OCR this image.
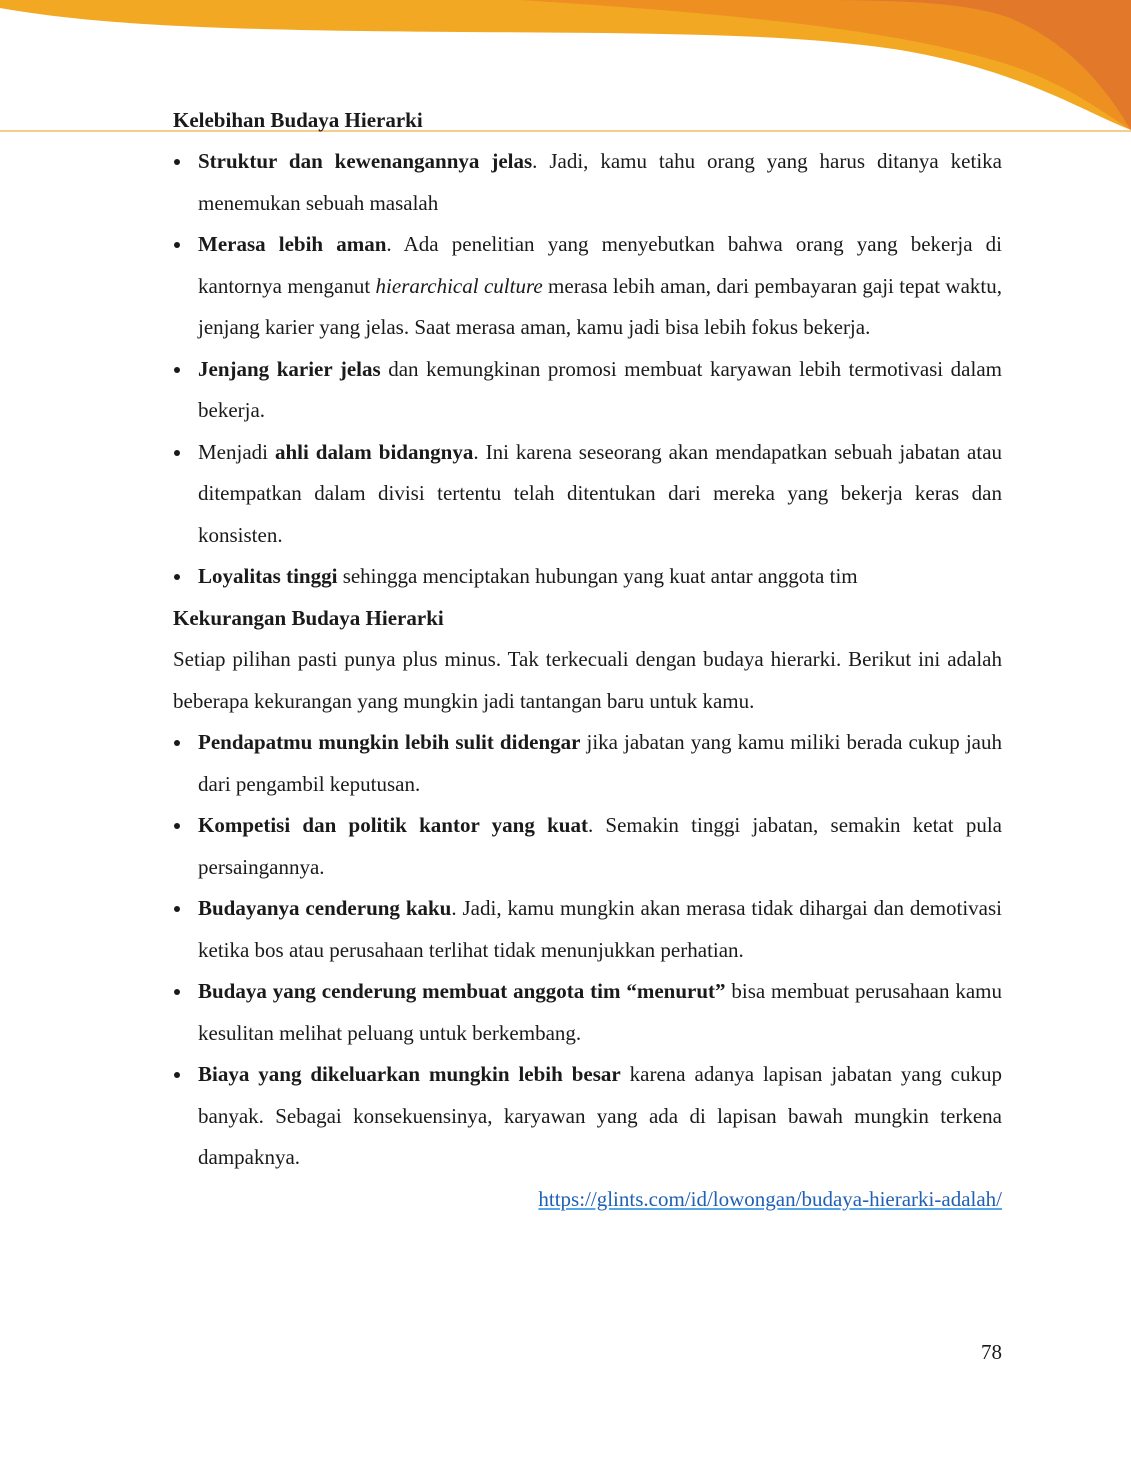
Kelebihan Budaya Hierarki

Struktur dan kewenangannya jelas. Jadi, kamu tahu orang yang harus ditanya ketika menemukan sebuah masalah
Merasa lebih aman. Ada penelitian yang menyebutkan bahwa orang yang bekerja di kantornya menganut hierarchical culture merasa lebih aman, dari pembayaran gaji tepat waktu, jenjang karier yang jelas. Saat merasa aman, kamu jadi bisa lebih fokus bekerja.
Jenjang karier jelas dan kemungkinan promosi membuat karyawan lebih termotivasi dalam bekerja.
Menjadi ahli dalam bidangnya. Ini karena seseorang akan mendapatkan sebuah jabatan atau ditempatkan dalam divisi tertentu telah ditentukan dari mereka yang bekerja keras dan konsisten.
Loyalitas tinggi sehingga menciptakan hubungan yang kuat antar anggota tim

Kekurangan Budaya Hierarki

Setiap pilihan pasti punya plus minus. Tak terkecuali dengan budaya hierarki. Berikut ini adalah beberapa kekurangan yang mungkin jadi tantangan baru untuk kamu.

Pendapatmu mungkin lebih sulit didengar jika jabatan yang kamu miliki berada cukup jauh dari pengambil keputusan.
Kompetisi dan politik kantor yang kuat. Semakin tinggi jabatan, semakin ketat pula persaingannya.
Budayanya cenderung kaku. Jadi, kamu mungkin akan merasa tidak dihargai dan demotivasi ketika bos atau perusahaan terlihat tidak menunjukkan perhatian.
Budaya yang cenderung membuat anggota tim “menurut” bisa membuat perusahaan kamu kesulitan melihat peluang untuk berkembang.
Biaya yang dikeluarkan mungkin lebih besar karena adanya lapisan jabatan yang cukup banyak. Sebagai konsekuensinya, karyawan yang ada di lapisan bawah mungkin terkena dampaknya.
https://glints.com/id/lowongan/budaya-hierarki-adalah/
78
